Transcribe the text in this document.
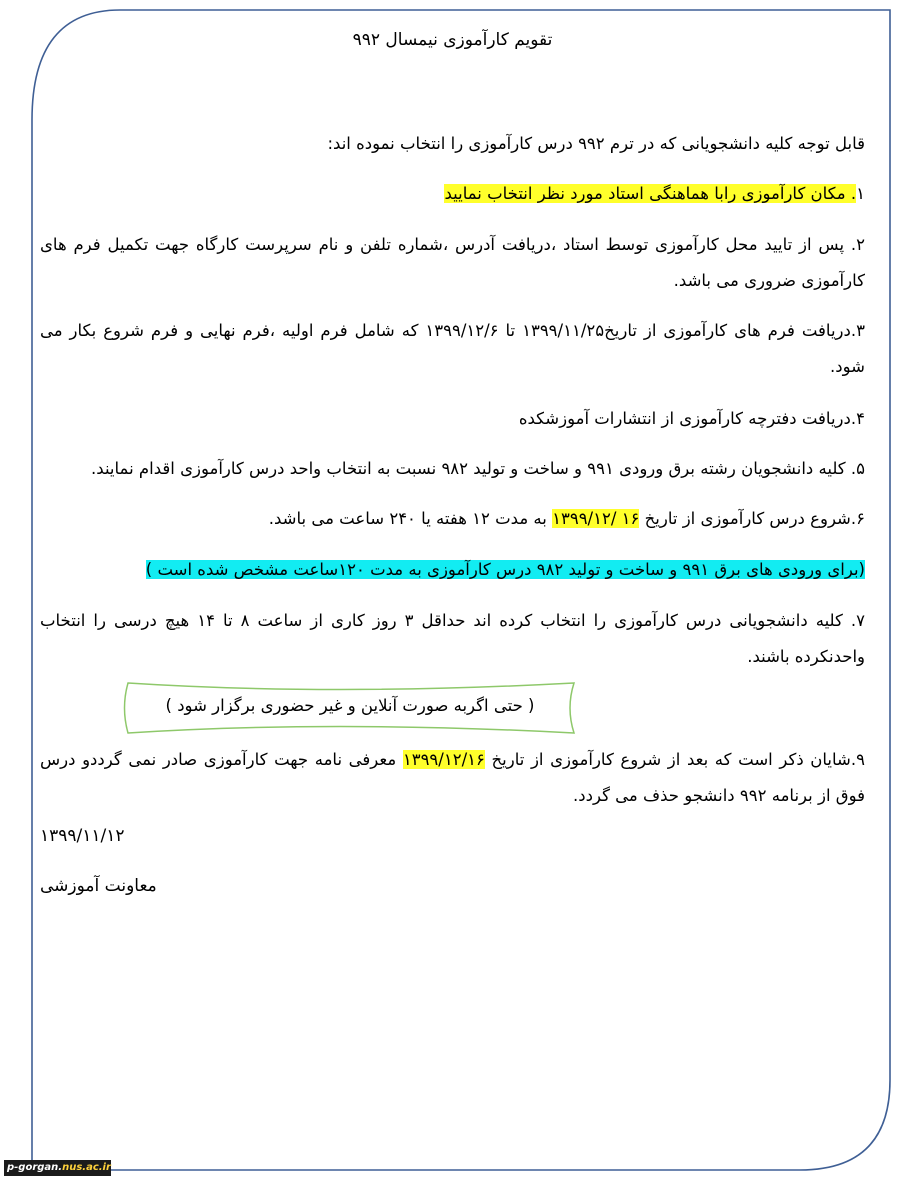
تقویم کارآموزی نیمسال ۹۹۲
قابل توجه کلیه دانشجویانی که در ترم ۹۹۲ درس کارآموزی را انتخاب نموده اند:
۱. مکان کارآموزی رابا هماهنگی استاد مورد نظر انتخاب نمایید
۲. پس از تایید محل کارآموزی توسط استاد ،دریافت آدرس ،شماره تلفن و نام سرپرست کارگاه جهت تکمیل فرم های کارآموزی ضروری می باشد.
۳.دریافت فرم های کارآموزی از تاریخ۱۳۹۹/۱۱/۲۵ تا ۱۳۹۹/۱۲/۶ که شامل فرم اولیه ،فرم نهایی و فرم شروع بکار می شود.
۴.دریافت دفترچه کارآموزی از انتشارات آموزشکده
۵. کلیه دانشجویان رشته برق ورودی ۹۹۱ و ساخت و تولید ۹۸۲ نسبت به انتخاب واحد درس کارآموزی اقدام نمایند.
۶.شروع درس کارآموزی از تاریخ ۱۶ /۱۳۹۹/۱۲ به مدت ۱۲ هفته یا ۲۴۰ ساعت می باشد.
(برای ورودی های برق ۹۹۱ و ساخت و تولید ۹۸۲ درس کارآموزی به مدت ۱۲۰ساعت مشخص شده است )
۷. کلیه دانشجویانی درس کارآموزی را انتخاب کرده اند حداقل ۳ روز کاری از ساعت ۸ تا ۱۴ هیچ درسی را انتخاب واحدنکرده باشند.
( حتی اگربه صورت آنلاین و غیر حضوری برگزار شود )
۹.شایان ذکر است که بعد از شروع کارآموزی از تاریخ ۱۳۹۹/۱۲/۱۶ معرفی نامه جهت کارآموزی صادر نمی گرددو درس فوق از برنامه ۹۹۲ دانشجو حذف می گردد.
۱۳۹۹/۱۱/۱۲
معاونت آموزشی
p-gorgan.nus.ac.ir
